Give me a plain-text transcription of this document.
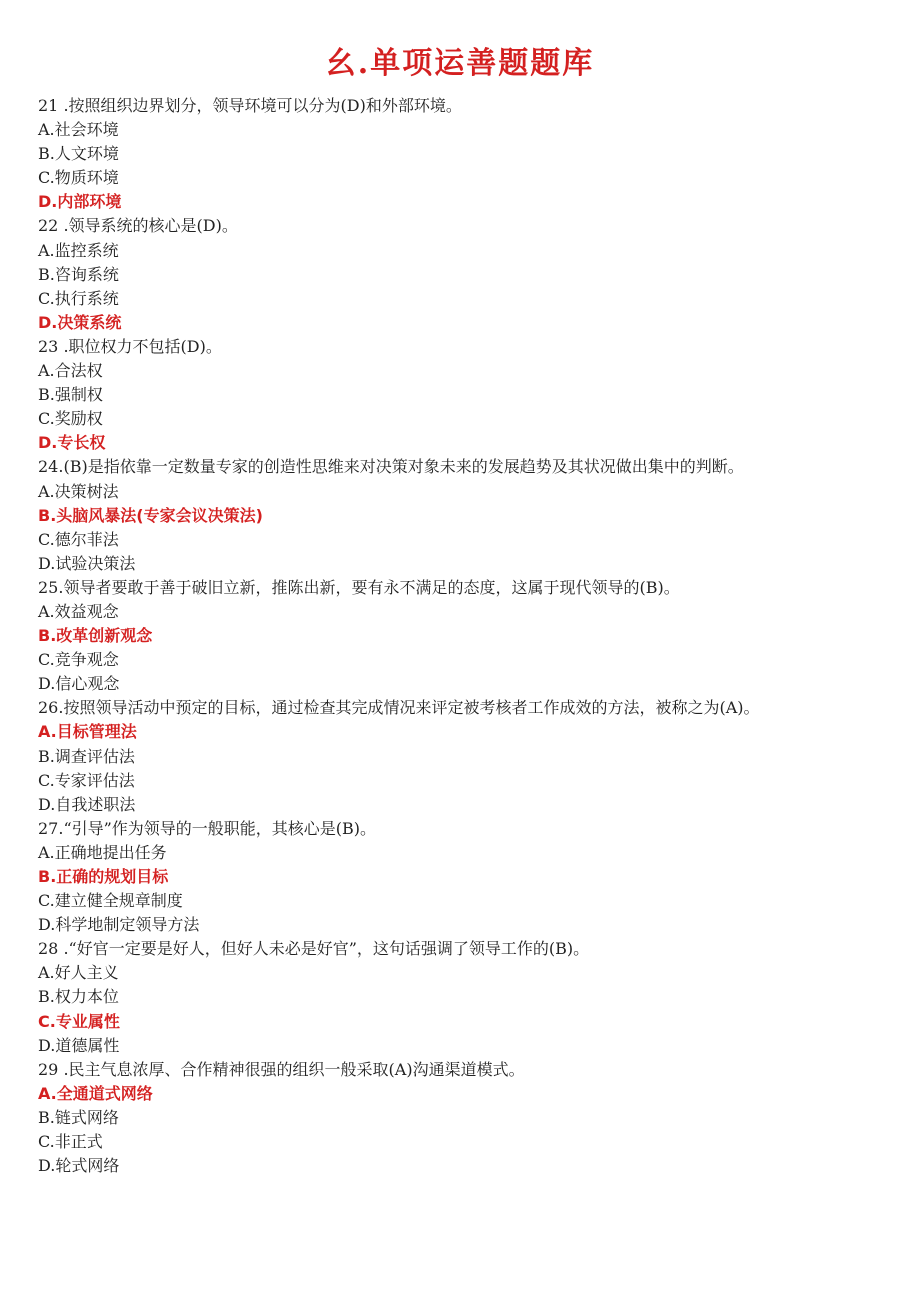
幺.单项运善题题库
21 .按照组织边界划分，领导环境可以分为(D)和外部环境。
A.社会环境
B.人文环境
C.物质环境
D.内部环境
22 .领导系统的核心是(D)。
A.监控系统
B.咨询系统
C.执行系统
D.决策系统
23 .职位权力不包括(D)。
A.合法权
B.强制权
C.奖励权
D.专长权
24.(B)是指依靠一定数量专家的创造性思维来对决策对象未来的发展趋势及其状况做出集中的判断。
A.决策树法
B.头脑风暴法(专家会议决策法)
C.德尔菲法
D.试验决策法
25.领导者要敢于善于破旧立新，推陈出新，要有永不满足的态度，这属于现代领导的(B)。
A.效益观念
B.改革创新观念
C.竞争观念
D.信心观念
26.按照领导活动中预定的目标，通过检查其完成情况来评定被考核者工作成效的方法，被称之为(A)。
A.目标管理法
B.调查评估法
C.专家评估法
D.自我述职法
27.“引导”作为领导的一般职能，其核心是(B)。
A.正确地提出任务
B.正确的规划目标
C.建立健全规章制度
D.科学地制定领导方法
28 .“好官一定要是好人，但好人未必是好官”，这句话强调了领导工作的(B)。
A.好人主义
B.权力本位
C.专业属性
D.道德属性
29 .民主气息浓厚、合作精神很强的组织一般采取(A)沟通渠道模式。
A.全通道式网络
B.链式网络
C.非正式
D.轮式网络
